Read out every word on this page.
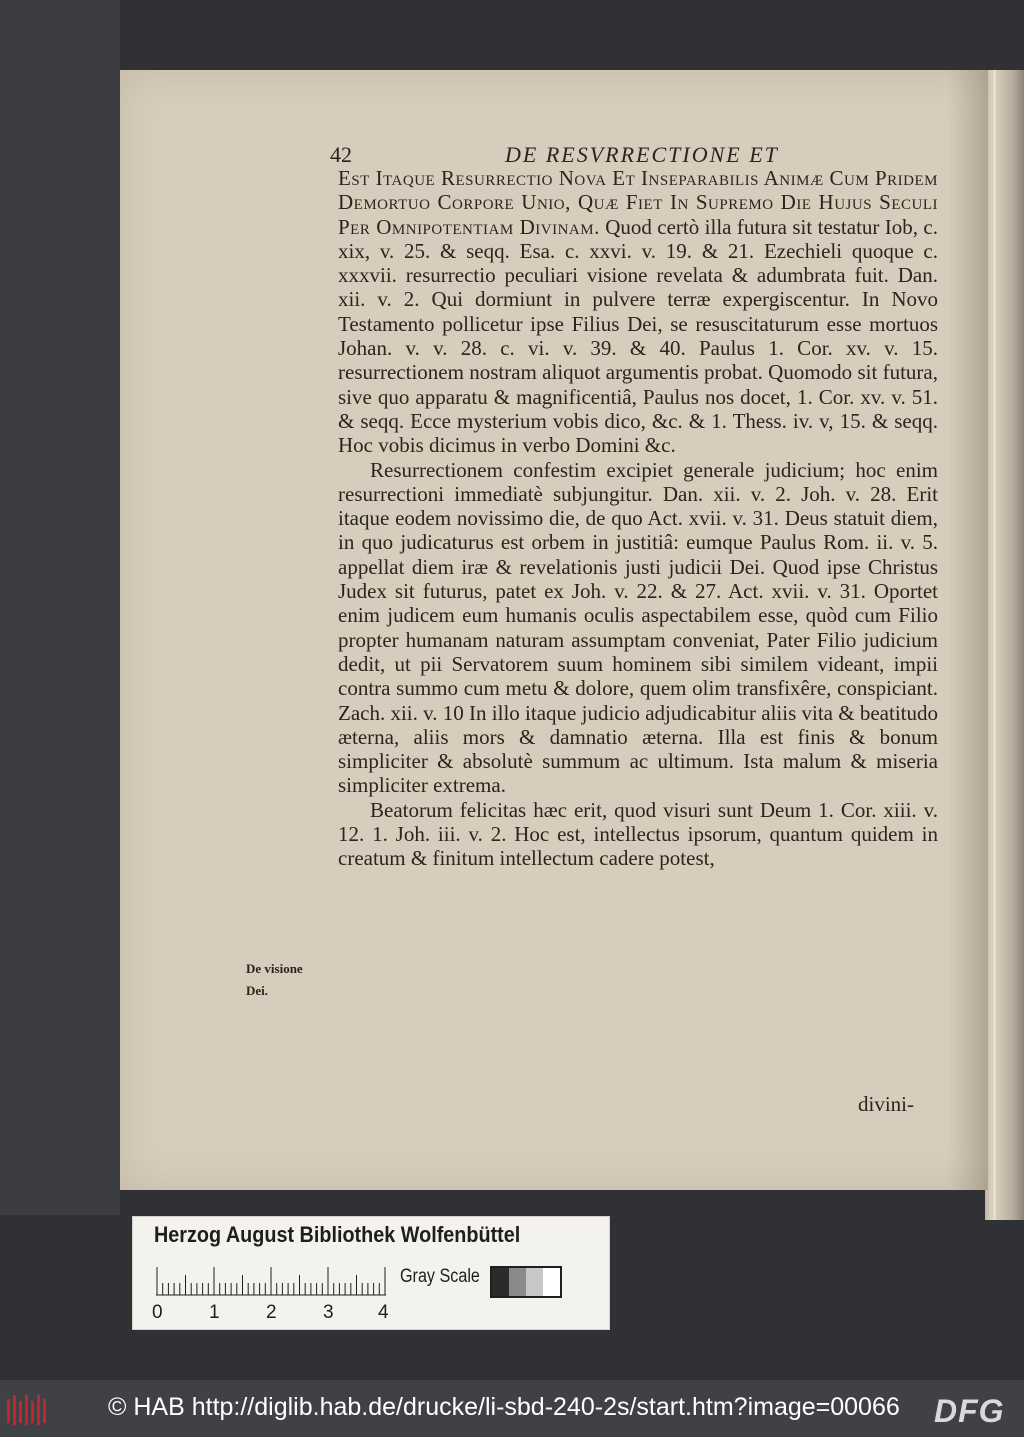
42	DE RESVRRECTIONE ET

Est Itaque Resurrectio Nova Et Inseparabilis Animæ Cum Pridem Demortuo Corpore Unio, Quæ Fiet In Supremo Die Hujus Seculi Per Omnipotentiam Divinam. Quod certò illa futura sit testatur Iob, c. xix, v. 25. & seqq. Esa. c. xxvi. v. 19. & 21. Ezechieli quoque c. xxxvii. resurrectio peculiari visione revelata & adumbrata fuit. Dan. xii. v. 2. Qui dormiunt in pulvere terræ expergiscentur. In Novo Testamento pollicetur ipse Filius Dei, se resuscitaturum esse mortuos Johan. v. v. 28. c. vi. v. 39. & 40. Paulus 1. Cor. xv. v. 15. resurrectionem nostram aliquot argumentis probat. Quomodo sit futura, sive quo apparatu & magnificentiâ, Paulus nos docet, 1. Cor. xv. v. 51. & seqq. Ecce mysterium vobis dico, &c. & 1. Thess. iv. v, 15. & seqq. Hoc vobis dicimus in verbo Domini &c.

Resurrectionem confestim excipiet generale judicium; hoc enim resurrectioni immediatè subjungitur. Dan. xii. v. 2. Joh. v. 28. Erit itaque eodem novissimo die, de quo Act. xvii. v. 31. Deus statuit diem, in quo judicaturus est orbem in justitiâ: eumque Paulus Rom. ii. v. 5. appellat diem iræ & revelationis justi judicii Dei. Quod ipse Christus Judex sit futurus, patet ex Joh. v. 22. & 27. Act. xvii. v. 31. Oportet enim judicem eum humanis oculis aspectabilem esse, quòd cum Filio propter humanam naturam assumptam conveniat, Pater Filio judicium dedit, ut pii Servatorem suum hominem sibi similem videant, impii contra summo cum metu & dolore, quem olim transfixêre, conspiciant. Zach. xii. v. 10 In illo itaque judicio adjudicabitur aliis vita & beatitudo æterna, aliis mors & damnatio æterna. Illa est finis & bonum simpliciter & absolutè summum ac ultimum. Ista malum & miseria simpliciter extrema.

Beatorum felicitas hæc erit, quod visuri sunt Deum 1. Cor. xiii. v. 12. 1. Joh. iii. v. 2. Hoc est, intellectus ipsorum, quantum quidem in creatum & finitum intellectum cadere potest,

De visione
Dei.
divini-
Herzog August Bibliothek Wolfenbüttel
0 1 2 3 4
Gray Scale
© HAB http://diglib.hab.de/drucke/li-sbd-240-2s/start.htm?image=00066 DFG
